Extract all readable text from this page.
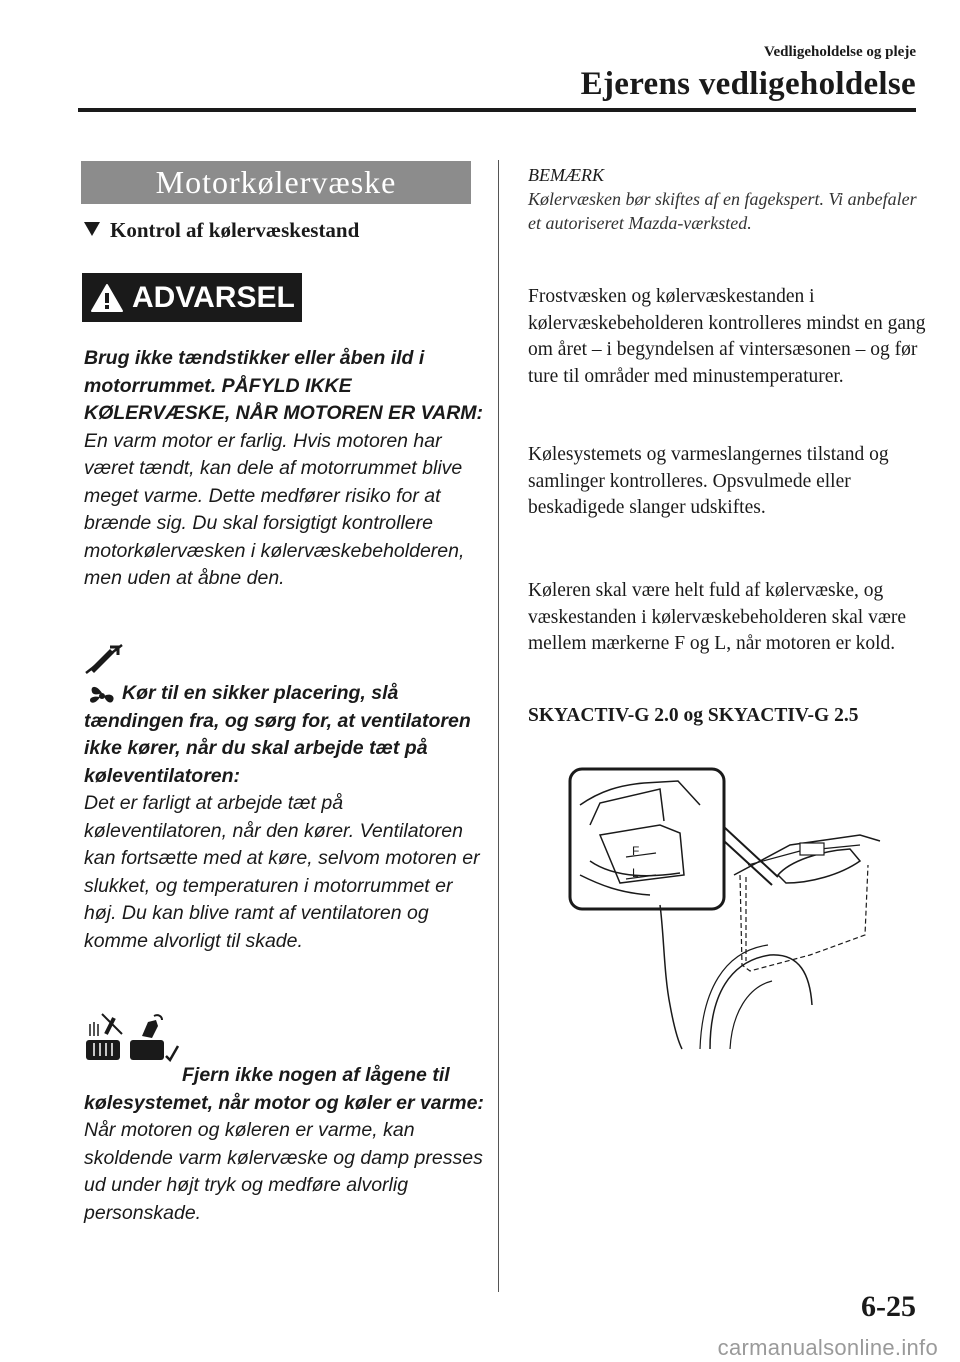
Vedligeholdelse og pleje
Ejerens vedligeholdelse
Motorkølervæske
Kontrol af kølervæskestand
ADVARSEL
Brug ikke tændstikker eller åben ild i motorrummet. PÅFYLD IKKE KØLERVÆSKE, NÅR MOTOREN ER VARM:
En varm motor er farlig. Hvis motoren har været tændt, kan dele af motorrummet blive meget varme. Dette medfører risiko for at brænde sig. Du skal forsigtigt kontrollere motorkølervæsken i kølervæskebeholderen, men uden at åbne den.
Kør til en sikker placering, slå tændingen fra, og sørg for, at ventilatoren ikke kører, når du skal arbejde tæt på køleventilatoren:
Det er farligt at arbejde tæt på køleventilatoren, når den kører. Ventilatoren kan fortsætte med at køre, selvom motoren er slukket, og temperaturen i motorrummet er høj. Du kan blive ramt af ventilatoren og komme alvorligt til skade.
Fjern ikke nogen af lågene til kølesystemet, når motor og køler er varme:
Når motoren og køleren er varme, kan skoldende varm kølervæske og damp presses ud under højt tryk og medføre alvorlig personskade.
BEMÆRK
Kølervæsken bør skiftes af en fagekspert. Vi anbefaler et autoriseret Mazda-værksted.
Frostvæsken og kølervæskestanden i kølervæskebeholderen kontrolleres mindst en gang om året – i begyndelsen af vintersæsonen – og før ture til områder med minustemperaturer.
Kølesystemets og varmeslangernes tilstand og samlinger kontrolleres. Opsvulmede eller beskadigede slanger udskiftes.
Køleren skal være helt fuld af kølervæske, og væskestanden i kølervæskebeholderen skal være mellem mærkerne F og L, når motoren er kold.
SKYACTIV-G 2.0 og SKYACTIV-G 2.5
F
L
6-25
carmanualsonline.info
